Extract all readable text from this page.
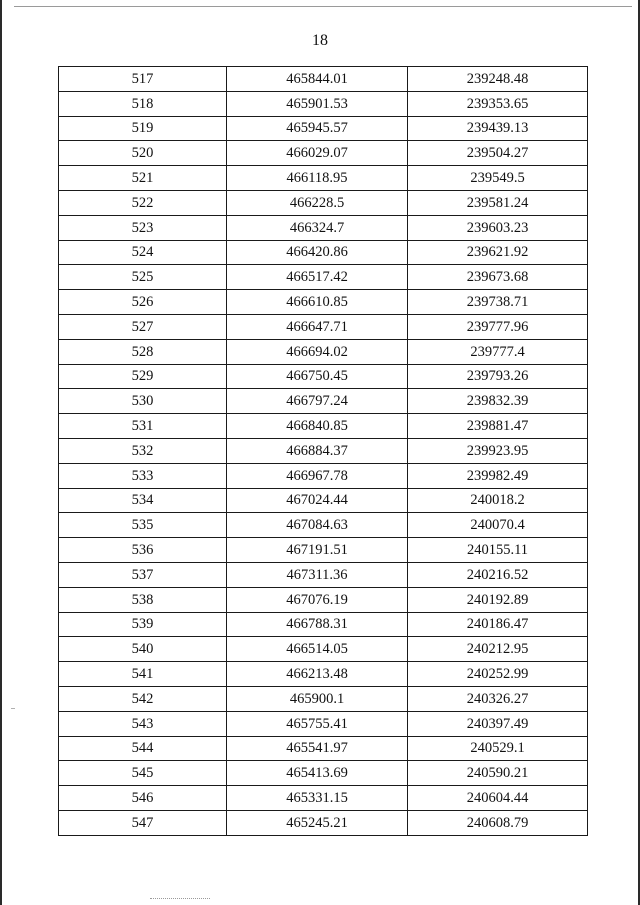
18
517	465844.01	239248.48
518	465901.53	239353.65
519	465945.57	239439.13
520	466029.07	239504.27
521	466118.95	239549.5
522	466228.5	239581.24
523	466324.7	239603.23
524	466420.86	239621.92
525	466517.42	239673.68
526	466610.85	239738.71
527	466647.71	239777.96
528	466694.02	239777.4
529	466750.45	239793.26
530	466797.24	239832.39
531	466840.85	239881.47
532	466884.37	239923.95
533	466967.78	239982.49
534	467024.44	240018.2
535	467084.63	240070.4
536	467191.51	240155.11
537	467311.36	240216.52
538	467076.19	240192.89
539	466788.31	240186.47
540	466514.05	240212.95
541	466213.48	240252.99
542	465900.1	240326.27
543	465755.41	240397.49
544	465541.97	240529.1
545	465413.69	240590.21
546	465331.15	240604.44
547	465245.21	240608.79
